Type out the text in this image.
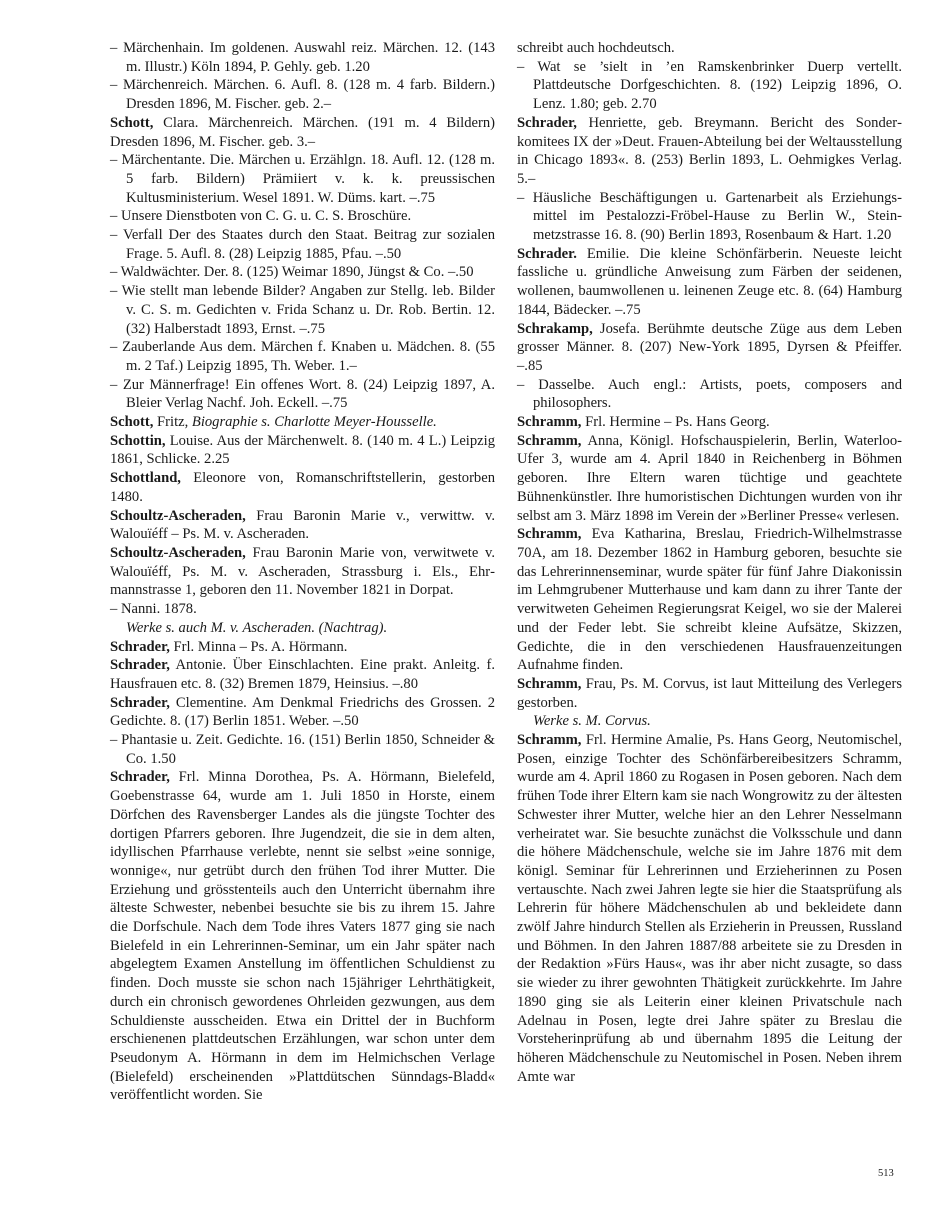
– Märchenhain. Im goldenen. Auswahl reiz. Märchen. 12. (143 m. Illustr.) Köln 1894, P. Gehly. geb. 1.20

– Märchenreich. Märchen. 6. Aufl. 8. (128 m. 4 farb. Bildern.) Dresden 1896, M. Fischer. geb. 2.–

Schott, Clara. Märchenreich. Märchen. (191 m. 4 Bildern) Dresden 1896, M. Fischer. geb. 3.–

– Märchentante. Die. Märchen u. Erzählgn. 18. Aufl. 12. (128 m. 5 farb. Bildern) Prämiiert v. k. k. preussischen Kultusministerium. Wesel 1891. W. Düms. kart. –.75

– Unsere Dienstboten von C. G. u. C. S. Broschüre.

– Verfall Der des Staates durch den Staat. Beitrag zur sozialen Frage. 5. Aufl. 8. (28) Leipzig 1885, Pfau. –.50

– Waldwächter. Der. 8. (125) Weimar 1890, Jüngst & Co. –.50

– Wie stellt man lebende Bilder? Angaben zur Stellg. leb. Bilder v. C. S. m. Gedichten v. Frida Schanz u. Dr. Rob. Bertin. 12. (32) Halberstadt 1893, Ernst. –.75

– Zauberlande Aus dem. Märchen f. Knaben u. Mädchen. 8. (55 m. 2 Taf.) Leipzig 1895, Th. Weber. 1.–

– Zur Männerfrage! Ein offenes Wort. 8. (24) Leipzig 1897, A. Bleier Verlag Nachf. Joh. Eckell. –.75

Schott, Fritz, Biographie s. Charlotte Meyer-Housselle.

Schottin, Louise. Aus der Märchenwelt. 8. (140 m. 4 L.) Leipzig 1861, Schlicke. 2.25

Schottland, Eleonore von, Romanschriftstellerin, gestorben 1480.

Schoultz-Ascheraden, Frau Baronin Marie v., verwittw. v. Walouïéff – Ps. M. v. Ascheraden.

Schoultz-Ascheraden, Frau Baronin Marie von, verwitwete v. Walouïéff, Ps. M. v. Ascheraden, Strassburg i. Els., Ehrmannstrasse 1, geboren den 11. November 1821 in Dorpat.

– Nanni. 1878.

Werke s. auch M. v. Ascheraden. (Nachtrag).

Schrader, Frl. Minna – Ps. A. Hörmann.

Schrader, Antonie. Über Einschlachten. Eine prakt. Anleitg. f. Hausfrauen etc. 8. (32) Bremen 1879, Heinsius. –.80

Schrader, Clementine. Am Denkmal Friedrichs des Grossen. 2 Gedichte. 8. (17) Berlin 1851. Weber. –.50

– Phantasie u. Zeit. Gedichte. 16. (151) Berlin 1850, Schneider & Co. 1.50

Schrader, Frl. Minna Dorothea, Ps. A. Hörmann, Bielefeld, Goebenstrasse 64, wurde am 1. Juli 1850 in Horste, einem Dörfchen des Ravensberger Landes als die jüngste Tochter des dortigen Pfarrers geboren. Ihre Jugendzeit, die sie in dem alten, idyllischen Pfarrhause verlebte, nennt sie selbst »eine sonnige, wonnige«, nur getrübt durch den frühen Tod ihrer Mutter. Die Erziehung und grösstenteils auch den Unterricht übernahm ihre älteste Schwester, nebenbei besuchte sie bis zu ihrem 15. Jahre die Dorfschule. Nach dem Tode ihres Vaters 1877 ging sie nach Bielefeld in ein Lehrerinnen-Seminar, um ein Jahr später nach abgelegtem Examen Anstellung im öffentlichen Schuldienst zu finden. Doch musste sie schon nach 15jähriger Lehrthätigkeit, durch ein chronisch gewordenes Ohrleiden gezwungen, aus dem Schuldienste ausscheiden. Etwa ein Drittel der in Buchform erschienenen plattdeutschen Erzählungen, war schon unter dem Pseudonym A. Hörmann in dem im Helmichschen Verlage (Bielefeld) erscheinenden »Plattdütschen Sünndags-Bladd« veröffentlicht worden. Sie

schreibt auch hochdeutsch.

– Wat se ’sielt in ’en Ramskenbrinker Duerp vertellt. Plattdeutsche Dorfgeschichten. 8. (192) Leipzig 1896, O. Lenz. 1.80; geb. 2.70

Schrader, Henriette, geb. Breymann. Bericht des Sonderkomitees IX der »Deut. Frauen-Abteilung bei der Weltausstellung in Chicago 1893«. 8. (253) Berlin 1893, L. Oehmigkes Verlag. 5.–

– Häusliche Beschäftigungen u. Gartenarbeit als Erziehungsmittel im Pestalozzi-Fröbel-Hause zu Berlin W., Steinmetzstrasse 16. 8. (90) Berlin 1893, Rosenbaum & Hart. 1.20

Schrader. Emilie. Die kleine Schönfärberin. Neueste leicht fassliche u. gründliche Anweisung zum Färben der seidenen, wollenen, baumwollenen u. leinenen Zeuge etc. 8. (64) Hamburg 1844, Bädecker. –.75

Schrakamp, Josefa. Berühmte deutsche Züge aus dem Leben grosser Männer. 8. (207) New-York 1895, Dyrsen & Pfeiffer. –.85

– Dasselbe. Auch engl.: Artists, poets, composers and philosophers.

Schramm, Frl. Hermine – Ps. Hans Georg.

Schramm, Anna, Königl. Hofschauspielerin, Berlin, Waterloo-Ufer 3, wurde am 4. April 1840 in Reichenberg in Böhmen geboren. Ihre Eltern waren tüchtige und geachtete Bühnenkünstler. Ihre humoristischen Dichtungen wurden von ihr selbst am 3. März 1898 im Verein der »Berliner Presse« verlesen.

Schramm, Eva Katharina, Breslau, Friedrich-Wilhelmstrasse 70A, am 18. Dezember 1862 in Hamburg geboren, besuchte sie das Lehrerinnenseminar, wurde später für fünf Jahre Diakonissin im Lehmgrubener Mutterhause und kam dann zu ihrer Tante der verwitweten Geheimen Regierungsrat Keigel, wo sie der Malerei und der Feder lebt. Sie schreibt kleine Aufsätze, Skizzen, Gedichte, die in den verschiedenen Hausfrauenzeitungen Aufnahme finden.

Schramm, Frau, Ps. M. Corvus, ist laut Mitteilung des Verlegers gestorben.

Werke s. M. Corvus.

Schramm, Frl. Hermine Amalie, Ps. Hans Georg, Neutomischel, Posen, einzige Tochter des Schönfärbereibesitzers Schramm, wurde am 4. April 1860 zu Rogasen in Posen geboren. Nach dem frühen Tode ihrer Eltern kam sie nach Wongrowitz zu der ältesten Schwester ihrer Mutter, welche hier an den Lehrer Nesselmann verheiratet war. Sie besuchte zunächst die Volksschule und dann die höhere Mädchenschule, welche sie im Jahre 1876 mit dem königl. Seminar für Lehrerinnen und Erzieherinnen zu Posen vertauschte. Nach zwei Jahren legte sie hier die Staatsprüfung als Lehrerin für höhere Mädchenschulen ab und bekleidete dann zwölf Jahre hindurch Stellen als Erzieherin in Preussen, Russland und Böhmen. In den Jahren 1887/88 arbeitete sie zu Dresden in der Redaktion »Fürs Haus«, was ihr aber nicht zusagte, so dass sie wieder zu ihrer gewohnten Thätigkeit zurückkehrte. Im Jahre 1890 ging sie als Leiterin einer kleinen Privatschule nach Adelnau in Posen, legte drei Jahre später zu Breslau die Vorsteherinprüfung ab und übernahm 1895 die Leitung der höheren Mädchenschule zu Neutomischel in Posen. Neben ihrem Amte war

513
